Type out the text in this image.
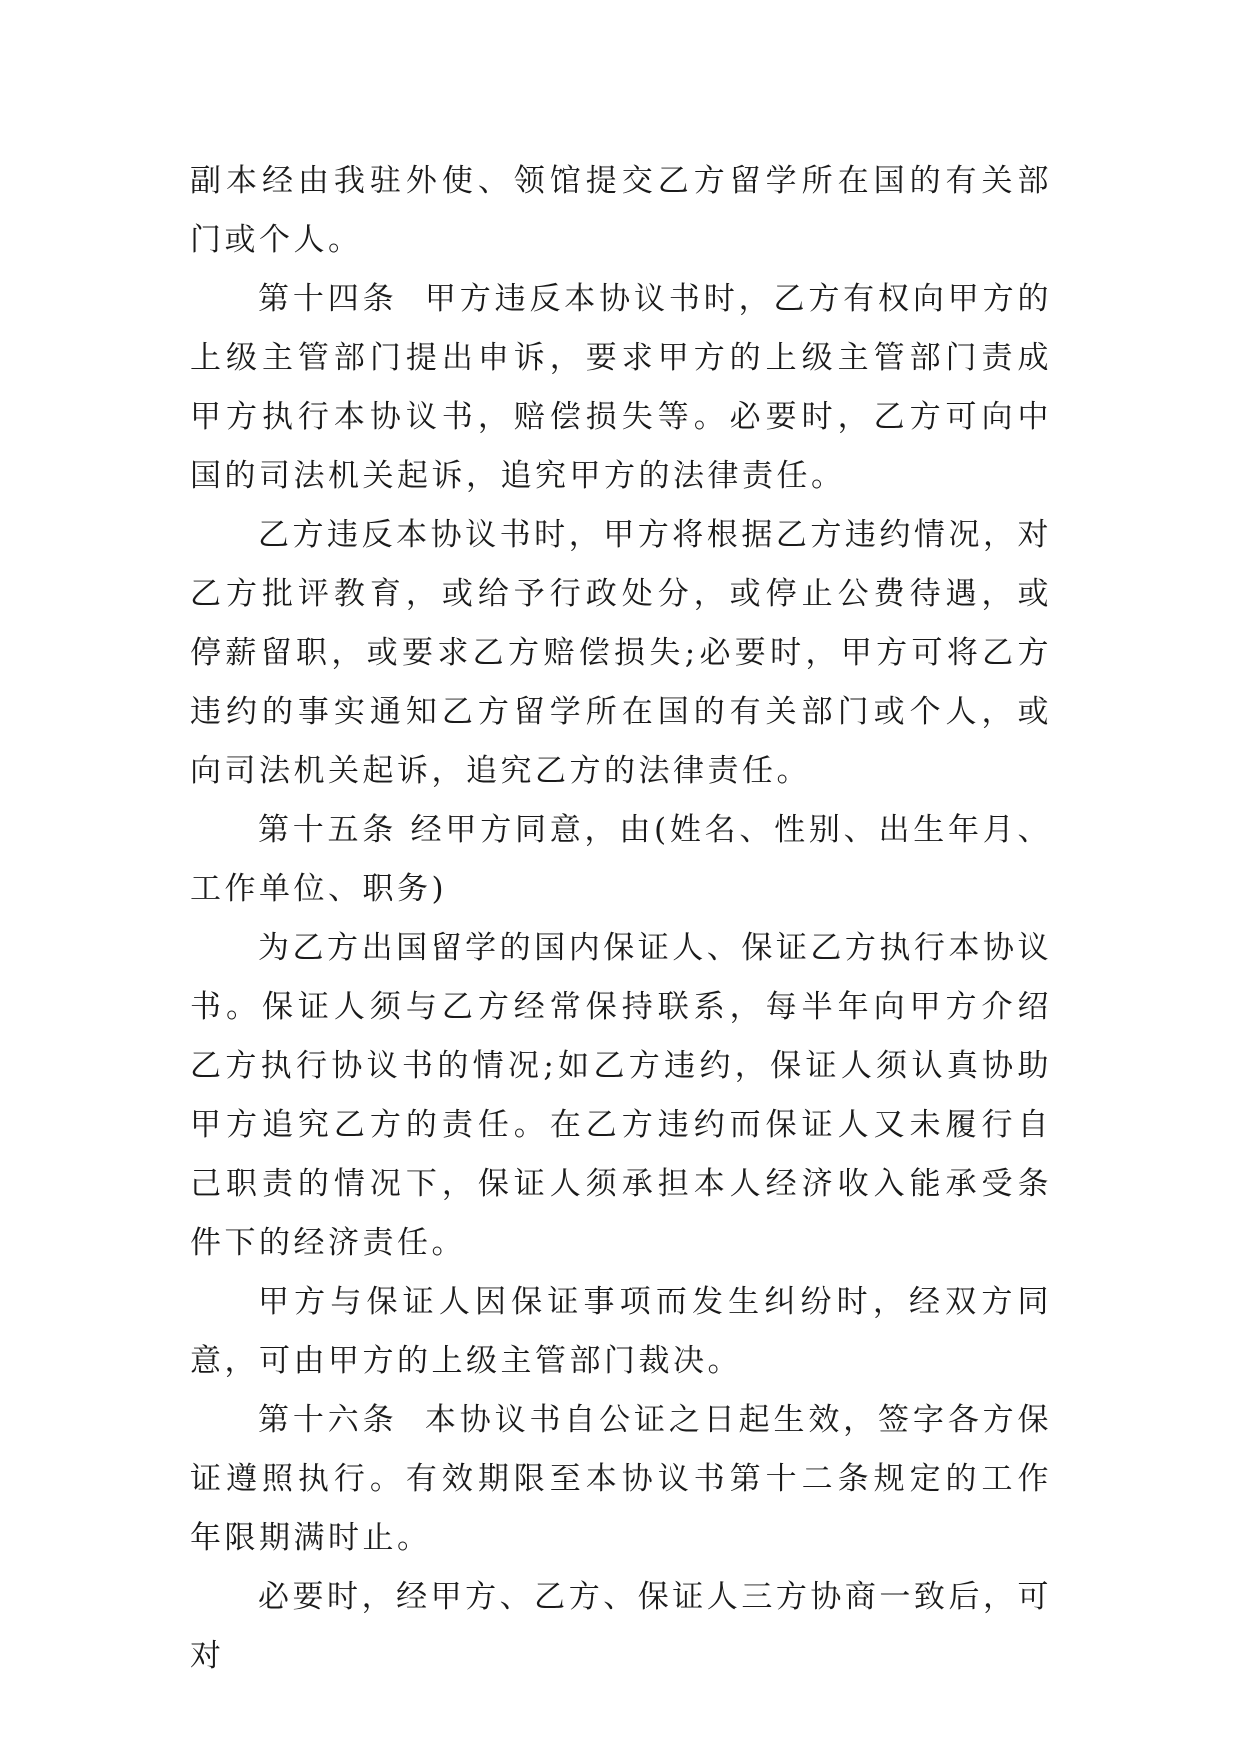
副本经由我驻外使、领馆提交乙方留学所在国的有关部门或个人。

第十四条  甲方违反本协议书时，乙方有权向甲方的上级主管部门提出申诉，要求甲方的上级主管部门责成甲方执行本协议书，赔偿损失等。必要时，乙方可向中国的司法机关起诉，追究甲方的法律责任。

乙方违反本协议书时，甲方将根据乙方违约情况，对乙方批评教育，或给予行政处分，或停止公费待遇，或停薪留职，或要求乙方赔偿损失;必要时，甲方可将乙方违约的事实通知乙方留学所在国的有关部门或个人，或向司法机关起诉，追究乙方的法律责任。

第十五条 经甲方同意，由(姓名、性别、出生年月、工作单位、职务)

为乙方出国留学的国内保证人、保证乙方执行本协议书。保证人须与乙方经常保持联系，每半年向甲方介绍乙方执行协议书的情况;如乙方违约，保证人须认真协助甲方追究乙方的责任。在乙方违约而保证人又未履行自己职责的情况下，保证人须承担本人经济收入能承受条件下的经济责任。

甲方与保证人因保证事项而发生纠纷时，经双方同意，可由甲方的上级主管部门裁决。

第十六条  本协议书自公证之日起生效，签字各方保证遵照执行。有效期限至本协议书第十二条规定的工作年限期满时止。

必要时，经甲方、乙方、保证人三方协商一致后，可对
